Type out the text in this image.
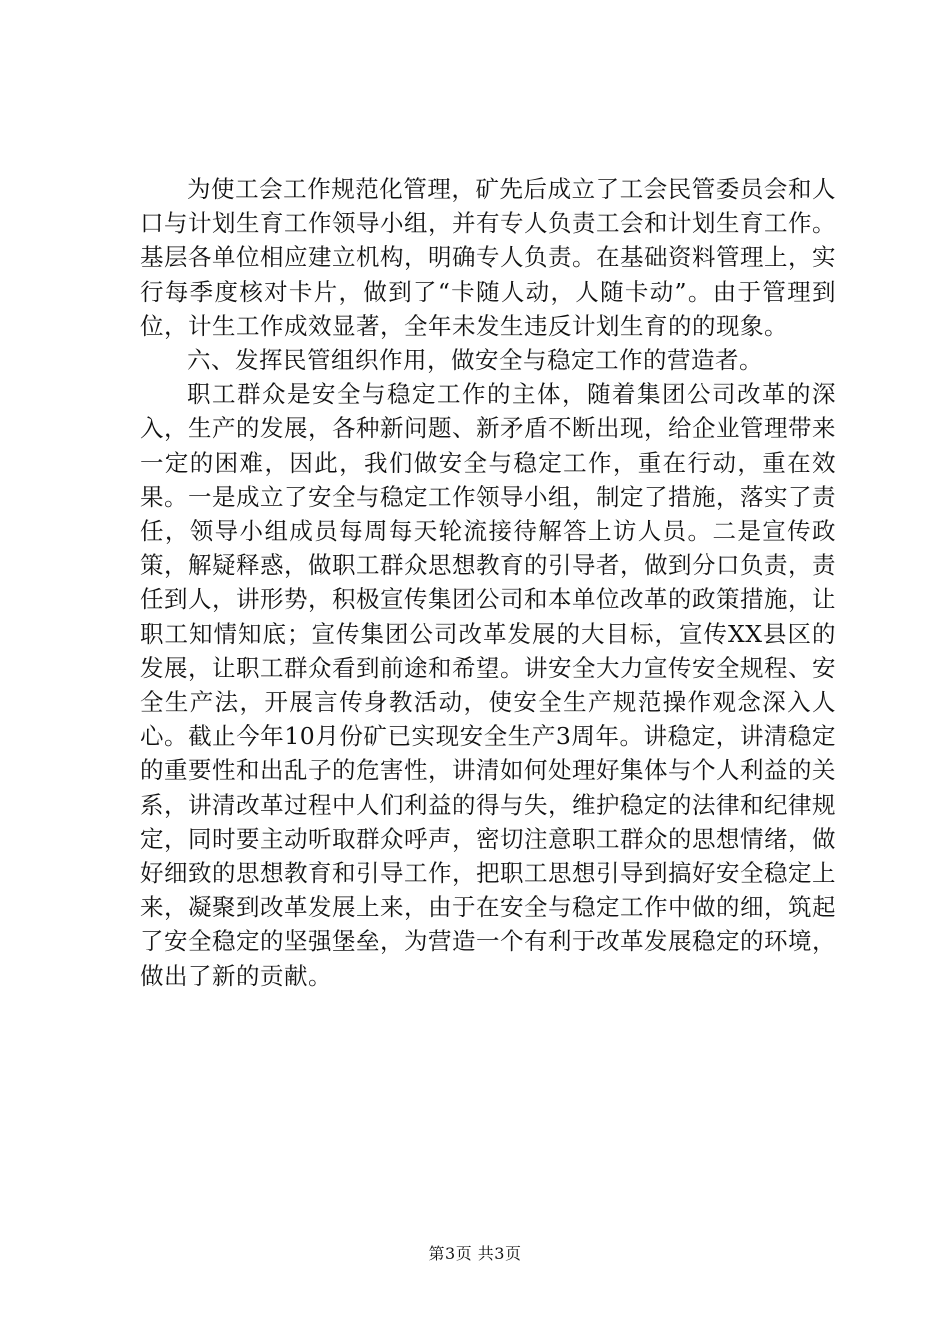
为使工会工作规范化管理，矿先后成立了工会民管委员会和人口与计划生育工作领导小组，并有专人负责工会和计划生育工作。基层各单位相应建立机构，明确专人负责。在基础资料管理上，实行每季度核对卡片，做到了“卡随人动，人随卡动”。由于管理到位，计生工作成效显著，全年未发生违反计划生育的的现象。

六、发挥民管组织作用，做安全与稳定工作的营造者。

职工群众是安全与稳定工作的主体，随着集团公司改革的深入，生产的发展，各种新问题、新矛盾不断出现，给企业管理带来一定的困难，因此，我们做安全与稳定工作，重在行动，重在效果。一是成立了安全与稳定工作领导小组，制定了措施，落实了责任，领导小组成员每周每天轮流接待解答上访人员。二是宣传政策，解疑释惑，做职工群众思想教育的引导者，做到分口负责，责任到人，讲形势，积极宣传集团公司和本单位改革的政策措施，让职工知情知底；宣传集团公司改革发展的大目标，宣传XX县区的发展，让职工群众看到前途和希望。讲安全大力宣传安全规程、安全生产法，开展言传身教活动，使安全生产规范操作观念深入人心。截止今年10月份矿已实现安全生产3周年。讲稳定，讲清稳定的重要性和出乱子的危害性，讲清如何处理好集体与个人利益的关系，讲清改革过程中人们利益的得与失，维护稳定的法律和纪律规定，同时要主动听取群众呼声，密切注意职工群众的思想情绪，做好细致的思想教育和引导工作，把职工思想引导到搞好安全稳定上来，凝聚到改革发展上来，由于在安全与稳定工作中做的细，筑起了安全稳定的坚强堡垒，为营造一个有利于改革发展稳定的环境，做出了新的贡献。

第3页 共3页
